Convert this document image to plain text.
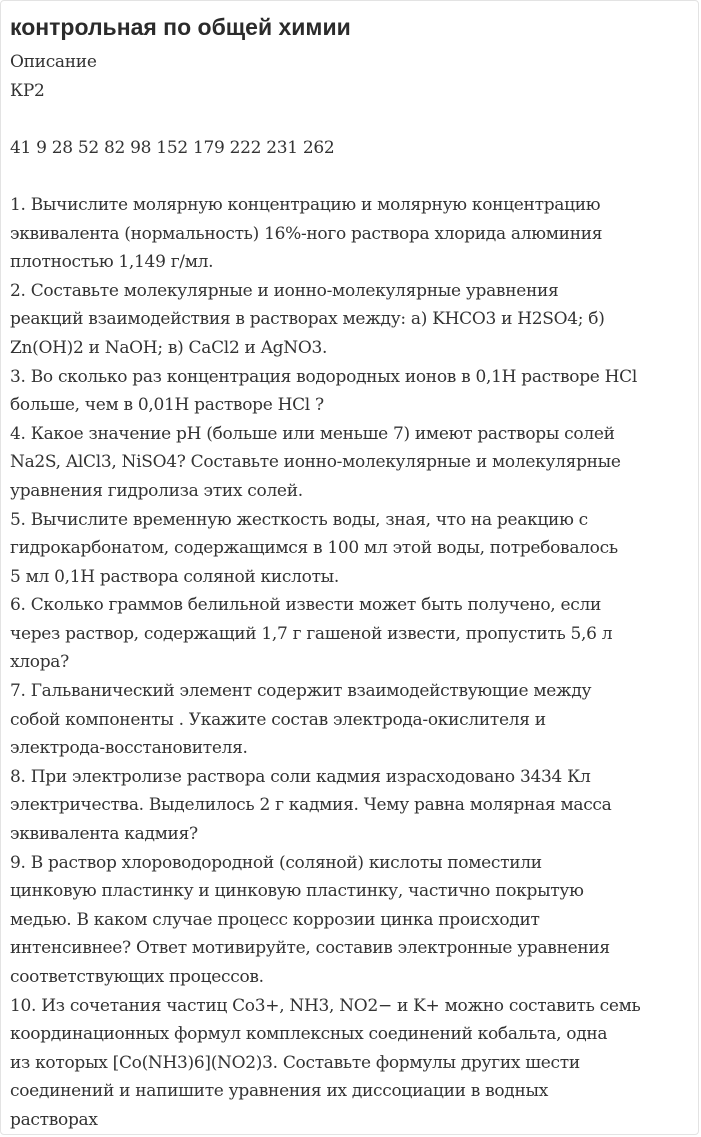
контрольная по общей химии
Описание
КР2
41 9 28 52 82 98 152 179 222 231 262
1. Вычислите молярную концентрацию и молярную концентрацию
эквивалента (нормальность) 16%-ного раствора хлорида алюминия
плотностью 1,149 г/мл.
2. Составьте молекулярные и ионно-молекулярные уравнения
реакций взаимодействия в растворах между: а) KHCO3 и H2SO4; б)
Zn(OH)2 и NaOH; в) CaCl2 и AgNO3.
3. Во сколько раз концентрация водородных ионов в 0,1Н растворе HCl
больше, чем в 0,01Н растворе HCl ?
4. Какое значение рН (больше или меньше 7) имеют растворы солей
Na2S, AlCl3, NiSO4? Составьте ионно-молекулярные и молекулярные
уравнения гидролиза этих солей.
5. Вычислите временную жесткость воды, зная, что на реакцию с
гидрокарбонатом, содержащимся в 100 мл этой воды, потребовалось
5 мл 0,1Н раствора соляной кислоты.
6. Сколько граммов белильной извести может быть получено, если
через раствор, содержащий 1,7 г гашеной извести, пропустить 5,6 л
хлора?
7. Гальванический элемент содержит взаимодействующие между
собой компоненты . Укажите состав электрода-окислителя и
электрода-восстановителя.
8. При электролизе раствора соли кадмия израсходовано 3434 Кл
электричества. Выделилось 2 г кадмия. Чему равна молярная масса
эквивалента кадмия?
9. В раствор хлороводородной (соляной) кислоты поместили
цинковую пластинку и цинковую пластинку, частично покрытую
медью. В каком случае процесс коррозии цинка происходит
интенсивнее? Ответ мотивируйте, составив электронные уравнения
соответствующих процессов.
10. Из сочетания частиц Co3+, NH3, NO2− и K+ можно составить семь
координационных формул комплексных соединений кобальта, одна
из которых [Co(NH3)6](NO2)3. Составьте формулы других шести
соединений и напишите уравнения их диссоциации в водных
растворах
